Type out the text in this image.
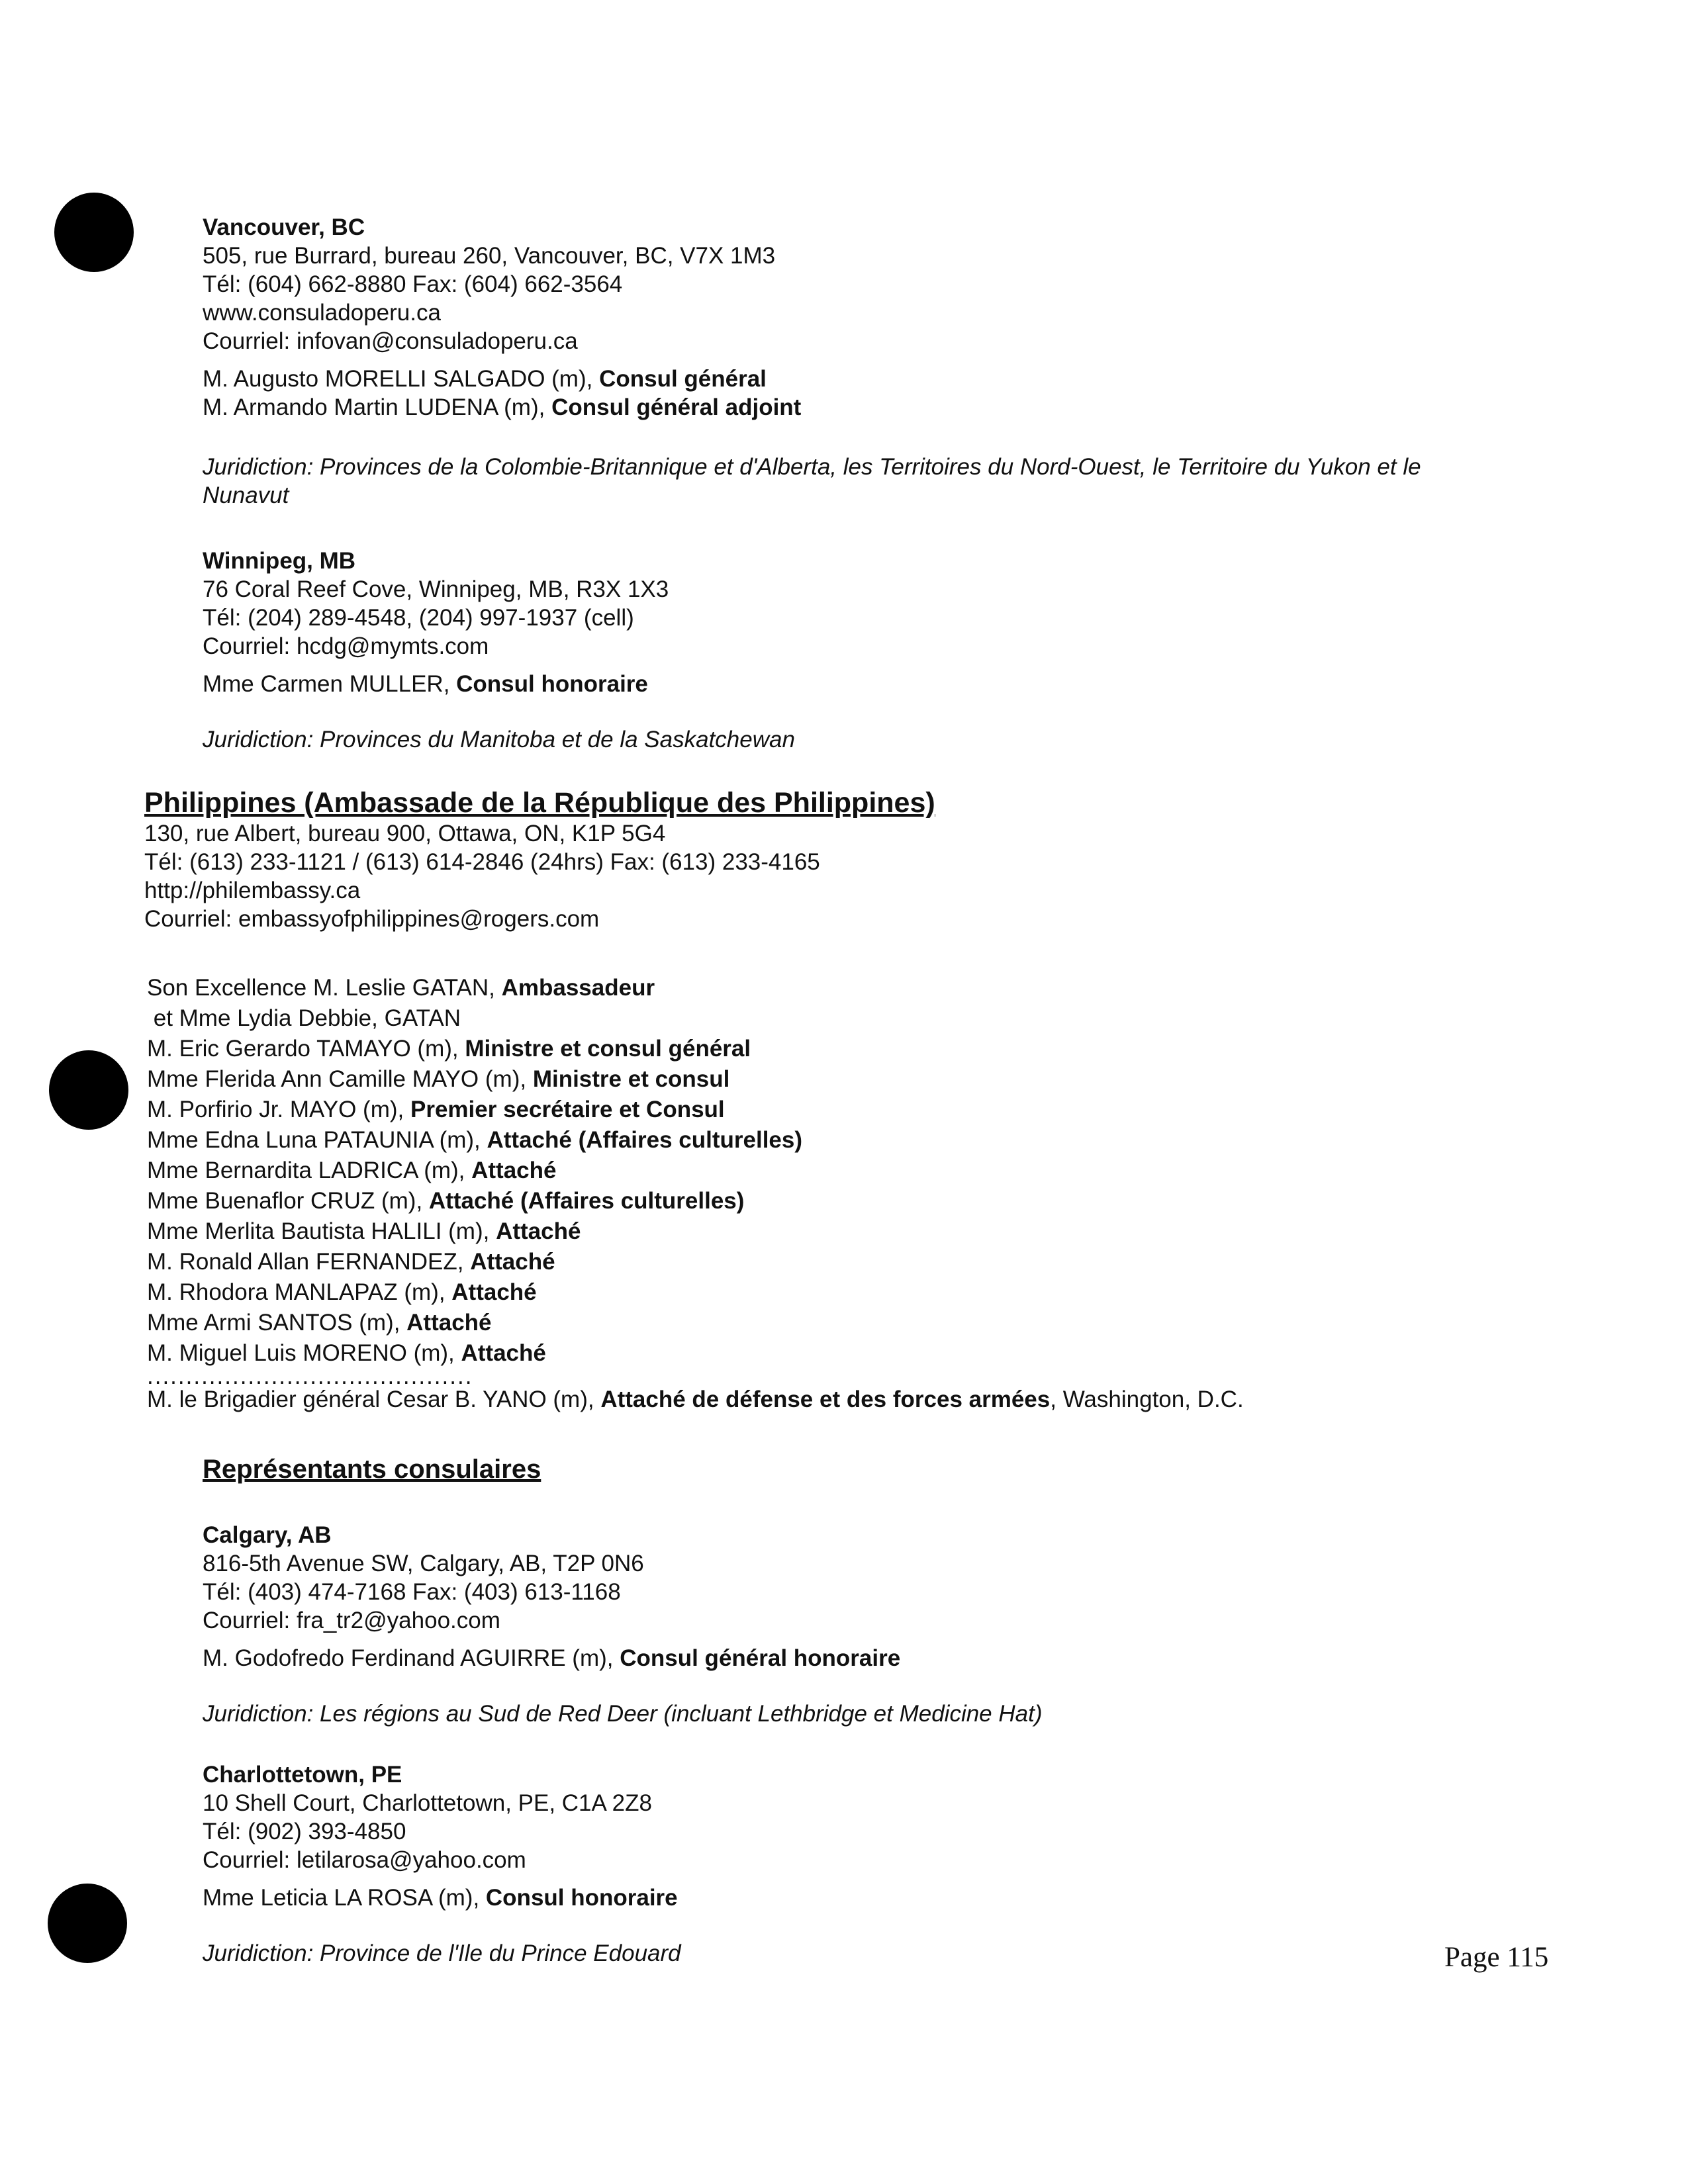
Vancouver, BC
505, rue Burrard, bureau 260, Vancouver, BC, V7X 1M3
Tél: (604) 662-8880 Fax: (604) 662-3564
www.consuladoperu.ca
Courriel: infovan@consuladoperu.ca
M. Augusto MORELLI SALGADO (m), Consul général
M. Armando Martin LUDENA (m), Consul général adjoint
Juridiction: Provinces de la Colombie-Britannique et d'Alberta, les Territoires du Nord-Ouest, le Territoire du Yukon et le
Nunavut
Winnipeg, MB
76 Coral Reef Cove, Winnipeg, MB, R3X 1X3
Tél: (204) 289-4548, (204) 997-1937 (cell)
Courriel: hcdg@mymts.com
Mme Carmen MULLER, Consul honoraire
Juridiction: Provinces du Manitoba et de la Saskatchewan
Philippines (Ambassade de la République des Philippines)
130, rue Albert, bureau 900, Ottawa, ON, K1P 5G4
Tél: (613) 233-1121 / (613) 614-2846 (24hrs) Fax: (613) 233-4165
http://philembassy.ca
Courriel: embassyofphilippines@rogers.com
Son Excellence M. Leslie GATAN, Ambassadeur
et Mme Lydia Debbie, GATAN
M. Eric Gerardo TAMAYO (m), Ministre et consul général
Mme Flerida Ann Camille MAYO (m), Ministre et consul
M. Porfirio Jr. MAYO (m), Premier secrétaire et Consul
Mme Edna Luna PATAUNIA (m), Attaché (Affaires culturelles)
Mme Bernardita LADRICA (m), Attaché
Mme Buenaflor CRUZ (m), Attaché (Affaires culturelles)
Mme Merlita Bautista HALILI (m), Attaché
M. Ronald Allan FERNANDEZ, Attaché
M. Rhodora MANLAPAZ (m), Attaché
Mme Armi SANTOS (m), Attaché
M. Miguel Luis MORENO (m), Attaché
..........................................
M. le Brigadier général Cesar B. YANO (m), Attaché de défense et des forces armées, Washington, D.C.
Représentants consulaires
Calgary, AB
816-5th Avenue SW, Calgary, AB, T2P 0N6
Tél: (403) 474-7168 Fax: (403) 613-1168
Courriel: fra_tr2@yahoo.com
M. Godofredo Ferdinand AGUIRRE (m), Consul général honoraire
Juridiction: Les régions au Sud de Red Deer (incluant Lethbridge et Medicine Hat)
Charlottetown, PE
10 Shell Court, Charlottetown, PE, C1A 2Z8
Tél: (902) 393-4850
Courriel: letilarosa@yahoo.com
Mme Leticia LA ROSA (m), Consul honoraire
Juridiction: Province de l'Ile du Prince Edouard	Page 115
